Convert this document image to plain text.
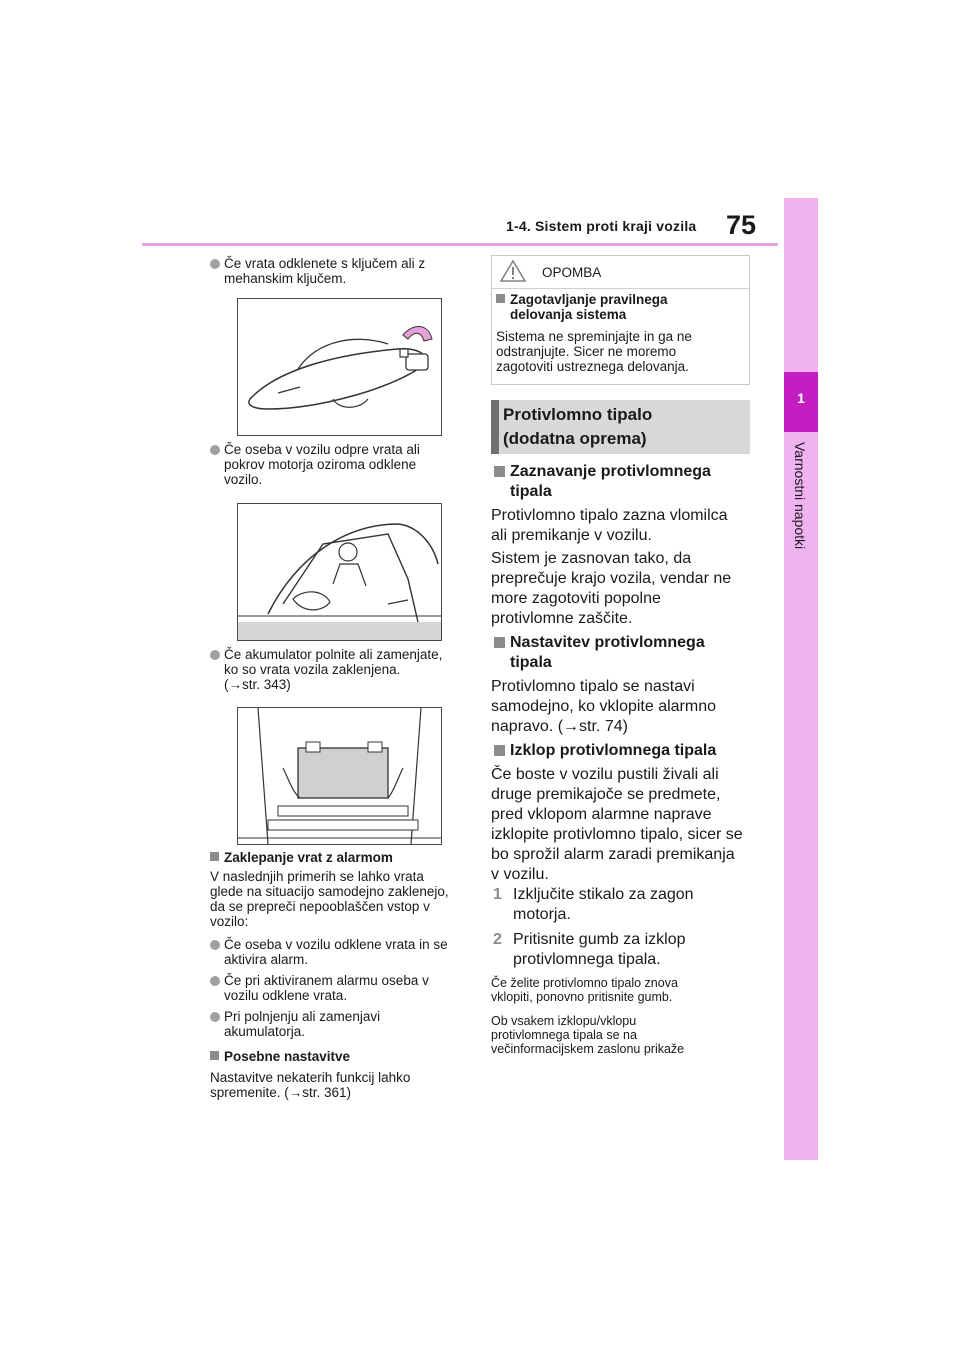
1-4. Sistem proti kraji vozila 75
1
Varnostni napotki
Če vrata odklenete s ključem ali z
mehanskim ključem.
Če oseba v vozilu odpre vrata ali
pokrov motorja oziroma odklene
vozilo.
Če akumulator polnite ali zamenjate,
ko so vrata vozila zaklenjena.
(→str. 343)
Zaklepanje vrat z alarmom
V naslednjih primerih se lahko vrata
glede na situacijo samodejno zaklenejo,
da se prepreči nepooblaščen vstop v
vozilo:
Če oseba v vozilu odklene vrata in se
aktivira alarm.
Če pri aktiviranem alarmu oseba v
vozilu odklene vrata.
Pri polnjenju ali zamenjavi
akumulatorja.
Posebne nastavitve
Nastavitve nekaterih funkcij lahko
spremenite. (→str. 361)
OPOMBA
Zagotavljanje pravilnega
delovanja sistema
Sistema ne spreminjajte in ga ne
odstranjujte. Sicer ne moremo
zagotoviti ustreznega delovanja.
Protivlomno tipalo
(dodatna oprema)
Zaznavanje protivlomnega
tipala
Protivlomno tipalo zazna vlomilca
ali premikanje v vozilu.
Sistem je zasnovan tako, da
preprečuje krajo vozila, vendar ne
more zagotoviti popolne
protivlomne zaščite.
Nastavitev protivlomnega
tipala
Protivlomno tipalo se nastavi
samodejno, ko vklopite alarmno
napravo. (→str. 74)
Izklop protivlomnega tipala
Če boste v vozilu pustili živali ali
druge premikajoče se predmete,
pred vklopom alarmne naprave
izklopite protivlomno tipalo, sicer se
bo sprožil alarm zaradi premikanja
v vozilu.
1 Izključite stikalo za zagon
motorja.
2 Pritisnite gumb za izklop
protivlomnega tipala.
Če želite protivlomno tipalo znova
vklopiti, ponovno pritisnite gumb.
Ob vsakem izklopu/vklopu
protivlomnega tipala se na
večinformacijskem zaslonu prikaže
